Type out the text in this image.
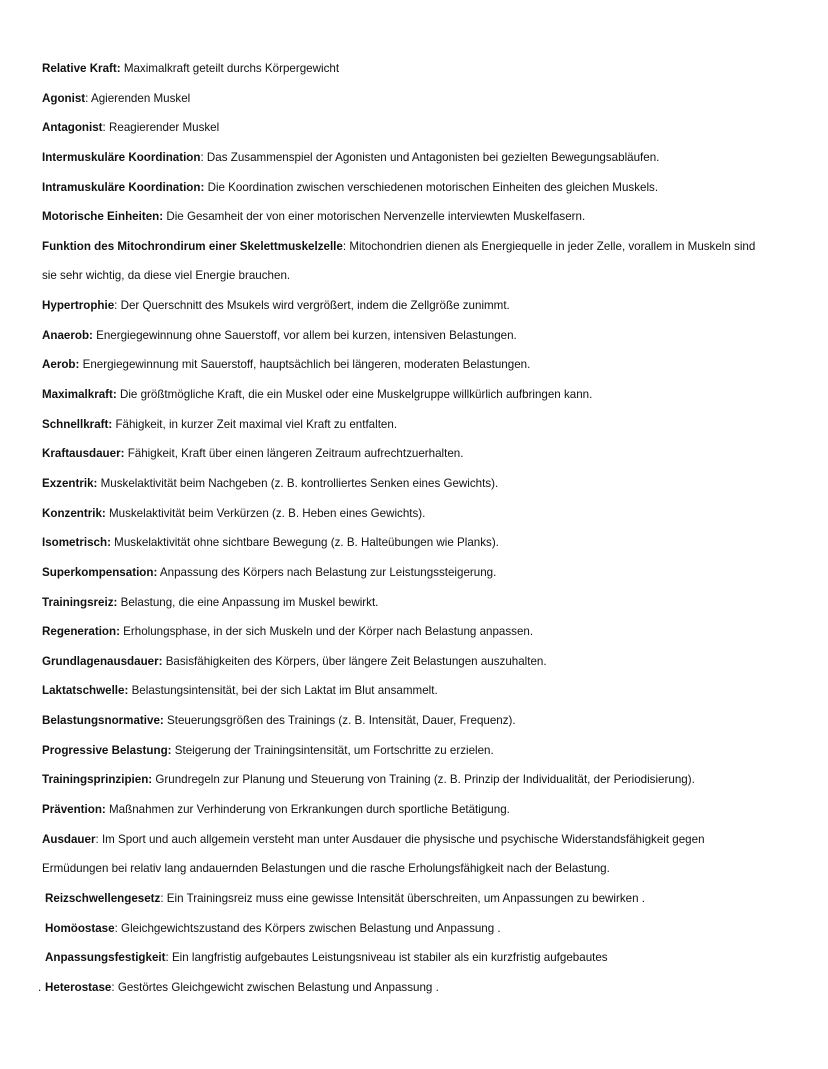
Relative Kraft: Maximalkraft geteilt durchs Körpergewicht
Agonist: Agierenden Muskel
Antagonist: Reagierender Muskel
Intermuskuläre Koordination: Das Zusammenspiel der Agonisten und Antagonisten bei gezielten Bewegungsabläufen.
Intramuskuläre Koordination: Die Koordination zwischen verschiedenen motorischen Einheiten des gleichen Muskels.
Motorische Einheiten: Die Gesamheit der von einer motorischen Nervenzelle interviewten Muskelfasern.
Funktion des Mitochrondirum einer Skelettmuskelzelle: Mitochondrien dienen als Energiequelle in jeder Zelle, vorallem in Muskeln sind
sie sehr wichtig, da diese viel Energie brauchen.
Hypertrophie: Der Querschnitt des Msukels wird vergrößert, indem die Zellgröße zunimmt.
Anaerob: Energiegewinnung ohne Sauerstoff, vor allem bei kurzen, intensiven Belastungen.
Aerob: Energiegewinnung mit Sauerstoff, hauptsächlich bei längeren, moderaten Belastungen.
Maximalkraft: Die größtmögliche Kraft, die ein Muskel oder eine Muskelgruppe willkürlich aufbringen kann.
Schnellkraft: Fähigkeit, in kurzer Zeit maximal viel Kraft zu entfalten.
Kraftausdauer: Fähigkeit, Kraft über einen längeren Zeitraum aufrechtzuerhalten.
Exzentrik: Muskelaktivität beim Nachgeben (z. B. kontrolliertes Senken eines Gewichts).
Konzentrik: Muskelaktivität beim Verkürzen (z. B. Heben eines Gewichts).
Isometrisch: Muskelaktivität ohne sichtbare Bewegung (z. B. Halteübungen wie Planks).
Superkompensation: Anpassung des Körpers nach Belastung zur Leistungssteigerung.
Trainingsreiz: Belastung, die eine Anpassung im Muskel bewirkt.
Regeneration: Erholungsphase, in der sich Muskeln und der Körper nach Belastung anpassen.
Grundlagenausdauer: Basisfähigkeiten des Körpers, über längere Zeit Belastungen auszuhalten.
Laktatschwelle: Belastungsintensität, bei der sich Laktat im Blut ansammelt.
Belastungsnormative: Steuerungsgrößen des Trainings (z. B. Intensität, Dauer, Frequenz).
Progressive Belastung: Steigerung der Trainingsintensität, um Fortschritte zu erzielen.
Trainingsprinzipien: Grundregeln zur Planung und Steuerung von Training (z. B. Prinzip der Individualität, der Periodisierung).
Prävention: Maßnahmen zur Verhinderung von Erkrankungen durch sportliche Betätigung.
Ausdauer: Im Sport und auch allgemein versteht man unter Ausdauer die physische und psychische Widerstandsfähigkeit gegen
Ermüdungen bei relativ lang andauernden Belastungen und die rasche Erholungsfähigkeit nach der Belastung.
Reizschwellengesetz: Ein Trainingsreiz muss eine gewisse Intensität überschreiten, um Anpassungen zu bewirken .
Homöostase: Gleichgewichtszustand des Körpers zwischen Belastung und Anpassung .
Anpassungsfestigkeit: Ein langfristig aufgebautes Leistungsniveau ist stabiler als ein kurzfristig aufgebautes
. Heterostase: Gestörtes Gleichgewicht zwischen Belastung und Anpassung .
